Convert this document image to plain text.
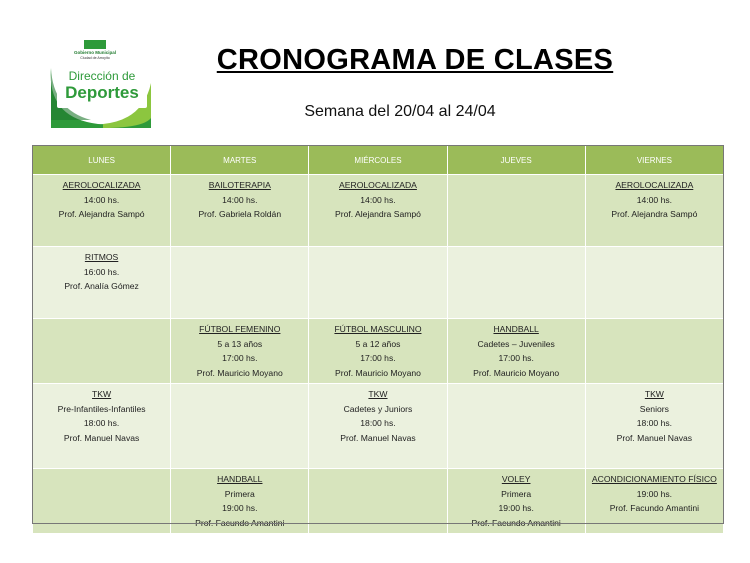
Gobierno Municipal
Ciudad de Arroyito
Dirección de
Deportes
CRONOGRAMA DE CLASES
Semana del 20/04 al 24/04
LUNES	MARTES	MIÉRCOLES	JUEVES	VIERNES

AEROLOCALIZADA
14:00 hs.
Prof. Alejandra Sampó	BAILOTERAPIA
14:00 hs.
Prof. Gabriela Roldán	AEROLOCALIZADA
14:00 hs.
Prof. Alejandra Sampó		AEROLOCALIZADA
14:00 hs.
Prof. Alejandra Sampó

RITMOS
16:00 hs.
Prof. Analía Gómez				

	FÚTBOL FEMENINO
5 a 13 años
17:00 hs.
Prof. Mauricio Moyano	FÚTBOL MASCULINO
5 a 12 años
17:00 hs.
Prof. Mauricio Moyano	HANDBALL
Cadetes – Juveniles
17:00 hs.
Prof. Mauricio Moyano	

TKW
Pre-Infantiles-Infantiles
18:00 hs.
Prof. Manuel Navas		TKW
Cadetes y Juniors
18:00 hs.
Prof. Manuel Navas		TKW
Seniors
18:00 hs.
Prof. Manuel Navas

	HANDBALL
Primera
19:00 hs.
Prof. Facundo Amantini		VOLEY
Primera
19:00 hs.
Prof. Facundo Amantini	ACONDICIONAMIENTO FÍSICO
19:00 hs.
Prof. Facundo Amantini
